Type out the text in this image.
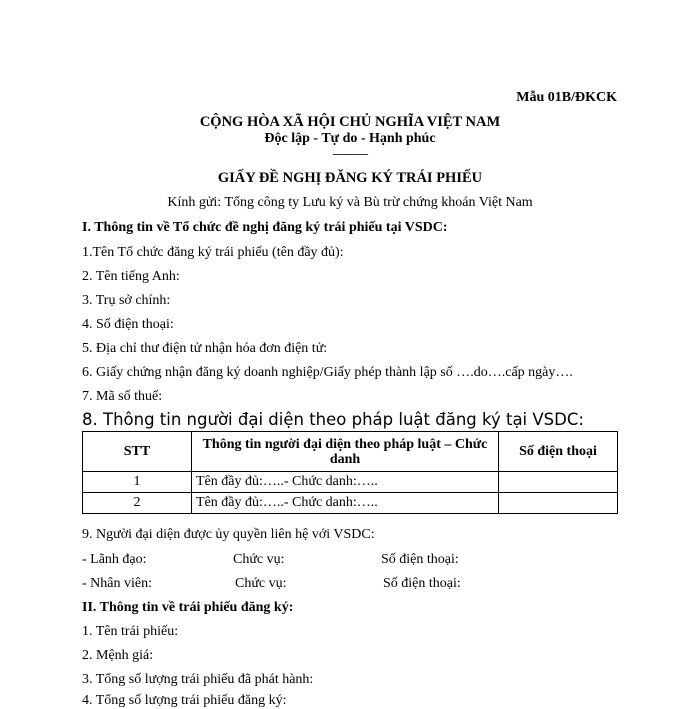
Mẫu 01B/ĐKCK
CỘNG HÒA XÃ HỘI CHỦ NGHĨA VIỆT NAM
Độc lập - Tự do - Hạnh phúc
---------------
GIẤY ĐỀ NGHỊ ĐĂNG KÝ TRÁI PHIẾU
Kính gửi: Tổng công ty Lưu ký và Bù trừ chứng khoán Việt Nam
I. Thông tin về Tổ chức đề nghị đăng ký trái phiếu tại VSDC:
1.Tên Tổ chức đăng ký trái phiếu (tên đầy đủ):
2. Tên tiếng Anh:
3. Trụ sở chính:
4. Số điện thoại:
5. Địa chỉ thư điện tử nhận hóa đơn điện tử:
6. Giấy chứng nhận đăng ký doanh nghiệp/Giấy phép thành lập số ….do….cấp ngày….
7. Mã số thuế:
8. Thông tin người đại diện theo pháp luật đăng ký tại VSDC:
STT	Thông tin người đại diện theo pháp luật – Chức danh	Số điện thoại
1	Tên đầy đủ:…..- Chức danh:…..	
2	Tên đầy đủ:…..- Chức danh:…..	
9. Người đại diện được ủy quyền liên hệ với VSDC:
- Lãnh đạo:	Chức vụ:	Số điện thoại:
- Nhân viên:	Chức vụ:	Số điện thoại:
II. Thông tin về trái phiếu đăng ký:
1. Tên trái phiếu:
2. Mệnh giá:
3. Tổng số lượng trái phiếu đã phát hành:
4. Tổng số lượng trái phiếu đăng ký:
